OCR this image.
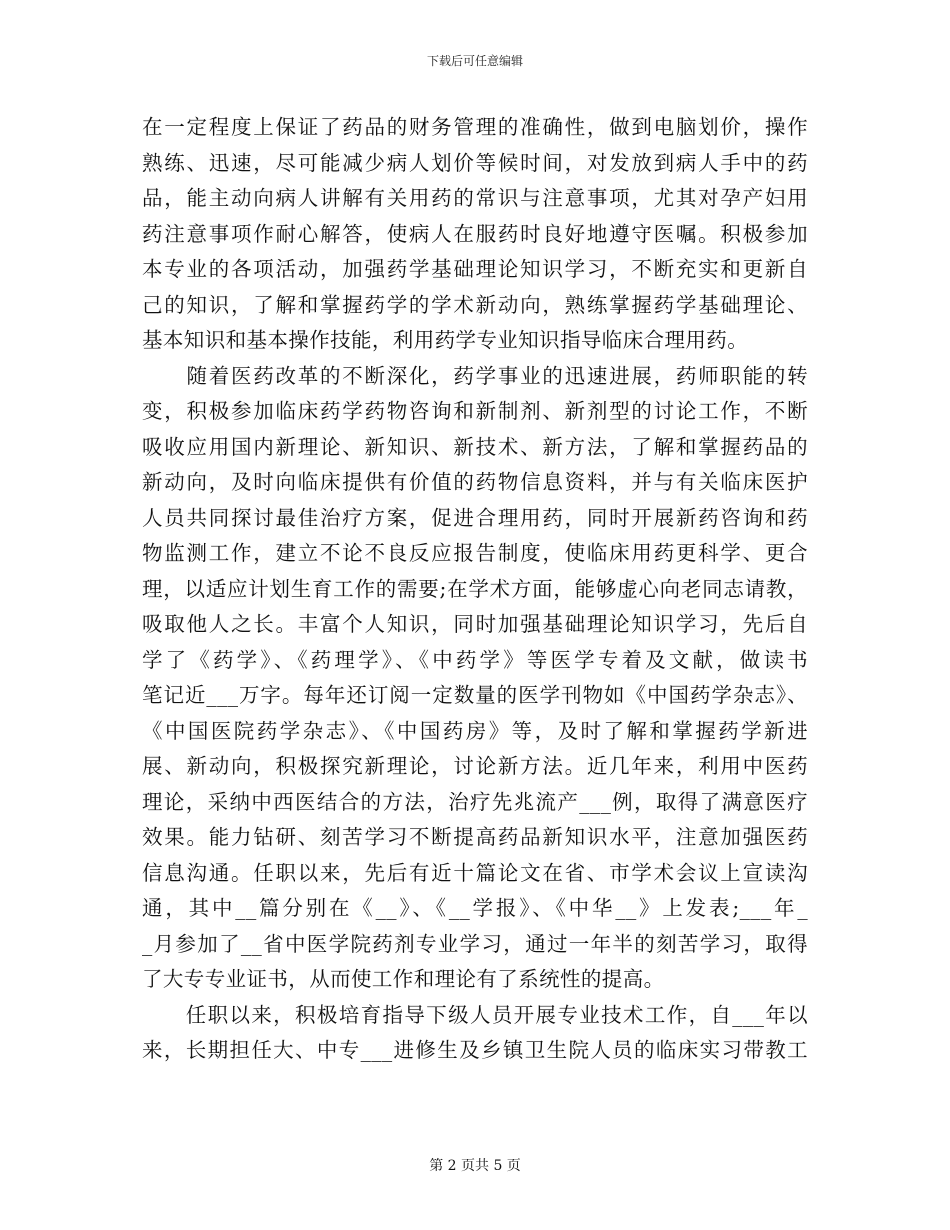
下载后可任意编辑
在一定程度上保证了药品的财务管理的准确性，做到电脑划价，操作
熟练、迅速，尽可能减少病人划价等候时间，对发放到病人手中的药
品，能主动向病人讲解有关用药的常识与注意事项，尤其对孕产妇用
药注意事项作耐心解答，使病人在服药时良好地遵守医嘱。积极参加
本专业的各项活动，加强药学基础理论知识学习，不断充实和更新自
己的知识，了解和掌握药学的学术新动向，熟练掌握药学基础理论、
基本知识和基本操作技能，利用药学专业知识指导临床合理用药。
　　随着医药改革的不断深化，药学事业的迅速进展，药师职能的转
变，积极参加临床药学药物咨询和新制剂、新剂型的讨论工作，不断
吸收应用国内新理论、新知识、新技术、新方法，了解和掌握药品的
新动向，及时向临床提供有价值的药物信息资料，并与有关临床医护
人员共同探讨最佳治疗方案，促进合理用药，同时开展新药咨询和药
物监测工作，建立不论不良反应报告制度，使临床用药更科学、更合
理，以适应计划生育工作的需要;在学术方面，能够虚心向老同志请教，
吸取他人之长。丰富个人知识，同时加强基础理论知识学习，先后自
学了《药学》、《药理学》、《中药学》等医学专着及文献，做读书
笔记近___万字。每年还订阅一定数量的医学刊物如《中国药学杂志》、
《中国医院药学杂志》、《中国药房》等，及时了解和掌握药学新进
展、新动向，积极探究新理论，讨论新方法。近几年来，利用中医药
理论，采纳中西医结合的方法，治疗先兆流产___例，取得了满意医疗
效果。能力钻研、刻苦学习不断提高药品新知识水平，注意加强医药
信息沟通。任职以来，先后有近十篇论文在省、市学术会议上宣读沟
通，其中__篇分别在《__》、《__学报》、《中华__》上发表;___年_
_月参加了__省中医学院药剂专业学习，通过一年半的刻苦学习，取得
了大专专业证书，从而使工作和理论有了系统性的提高。
　　任职以来，积极培育指导下级人员开展专业技术工作，自___年以
来，长期担任大、中专___进修生及乡镇卫生院人员的临床实习带教工
第 2 页共 5 页
